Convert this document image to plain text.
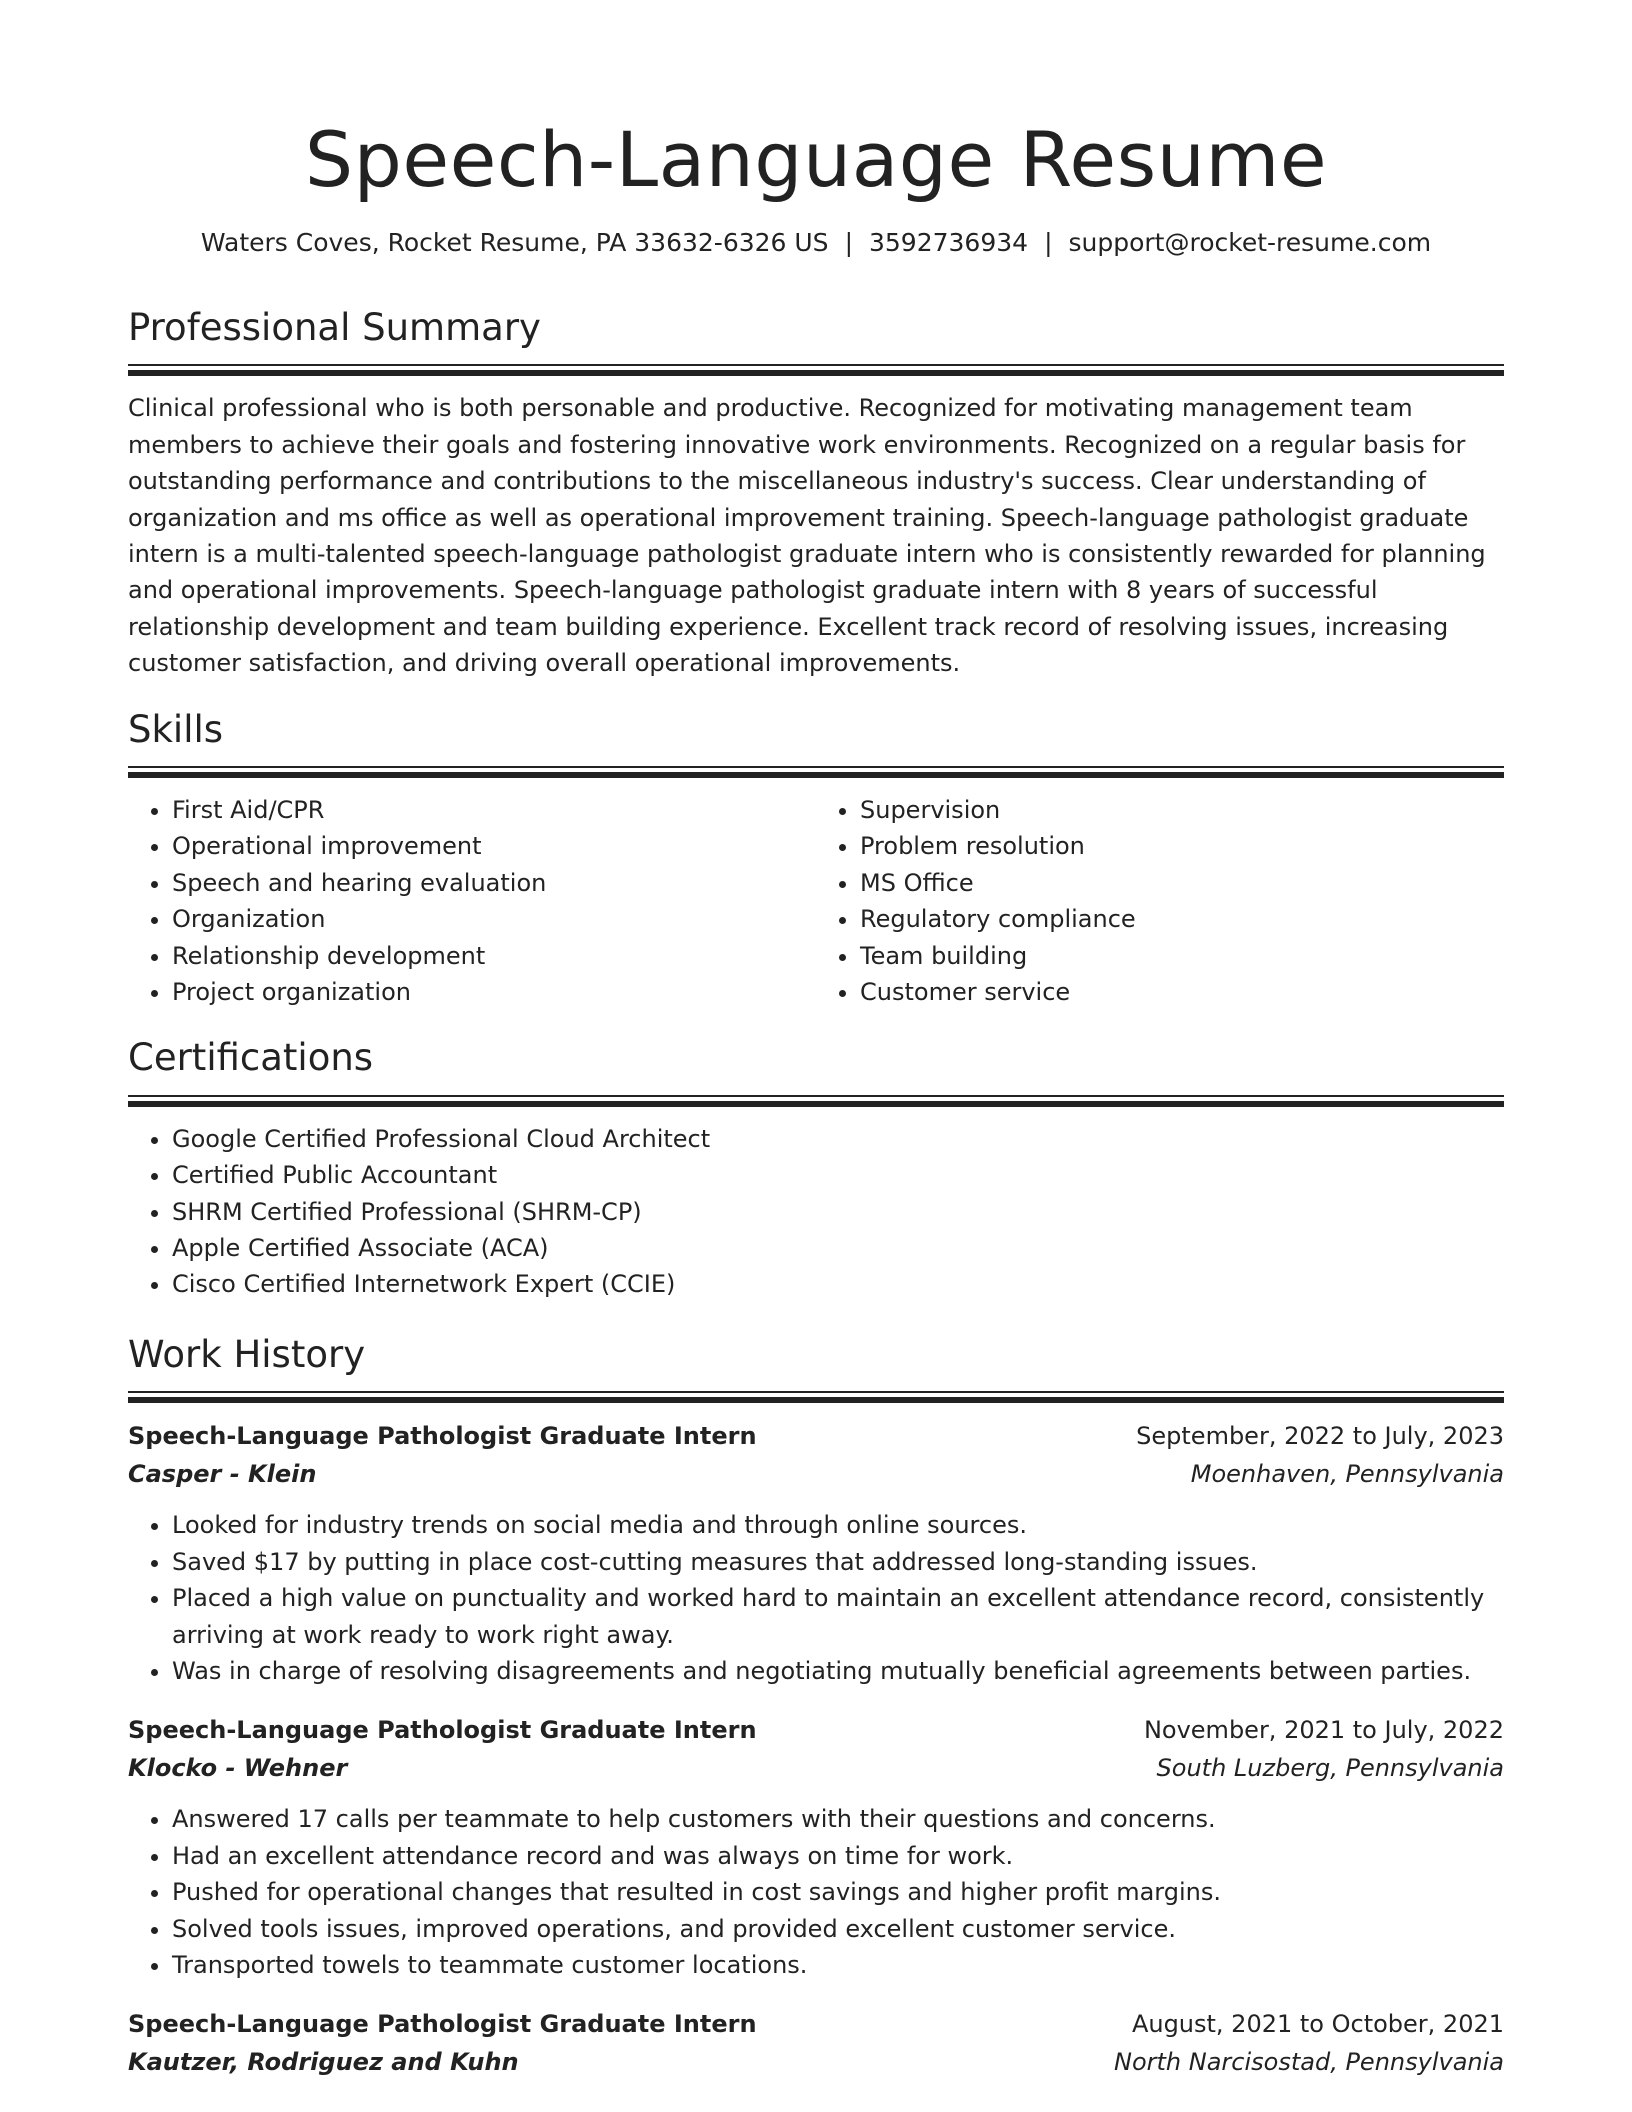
Speech-Language Resume
Waters Coves, Rocket Resume, PA 33632-6326 US | 3592736934 | support@rocket-resume.com
Professional Summary

Clinical professional who is both personable and productive. Recognized for motivating management team members to achieve their goals and fostering innovative work environments. Recognized on a regular basis for outstanding performance and contributions to the miscellaneous industry's success. Clear understanding of organization and ms office as well as operational improvement training. Speech-language pathologist graduate intern is a multi-talented speech-language pathologist graduate intern who is consistently rewarded for planning and operational improvements. Speech-language pathologist graduate intern with 8 years of successful relationship development and team building experience. Excellent track record of resolving issues, increasing customer satisfaction, and driving overall operational improvements.

Skills
• First Aid/CPR
• Operational improvement
• Speech and hearing evaluation
• Organization
• Relationship development
• Project organization
• Supervision
• Problem resolution
• MS Office
• Regulatory compliance
• Team building
• Customer service
Certifications
• Google Certified Professional Cloud Architect
• Certified Public Accountant
• SHRM Certified Professional (SHRM-CP)
• Apple Certified Associate (ACA)
• Cisco Certified Internetwork Expert (CCIE)
Work History
Speech-Language Pathologist Graduate Intern	September, 2022 to July, 2023
Casper - Klein	Moenhaven, Pennsylvania
• Looked for industry trends on social media and through online sources.
• Saved $17 by putting in place cost-cutting measures that addressed long-standing issues.
• Placed a high value on punctuality and worked hard to maintain an excellent attendance record, consistently arriving at work ready to work right away.
• Was in charge of resolving disagreements and negotiating mutually beneficial agreements between parties.
Speech-Language Pathologist Graduate Intern	November, 2021 to July, 2022
Klocko - Wehner	South Luzberg, Pennsylvania
• Answered 17 calls per teammate to help customers with their questions and concerns.
• Had an excellent attendance record and was always on time for work.
• Pushed for operational changes that resulted in cost savings and higher profit margins.
• Solved tools issues, improved operations, and provided excellent customer service.
• Transported towels to teammate customer locations.
Speech-Language Pathologist Graduate Intern	August, 2021 to October, 2021
Kautzer, Rodriguez and Kuhn	North Narcisostad, Pennsylvania
